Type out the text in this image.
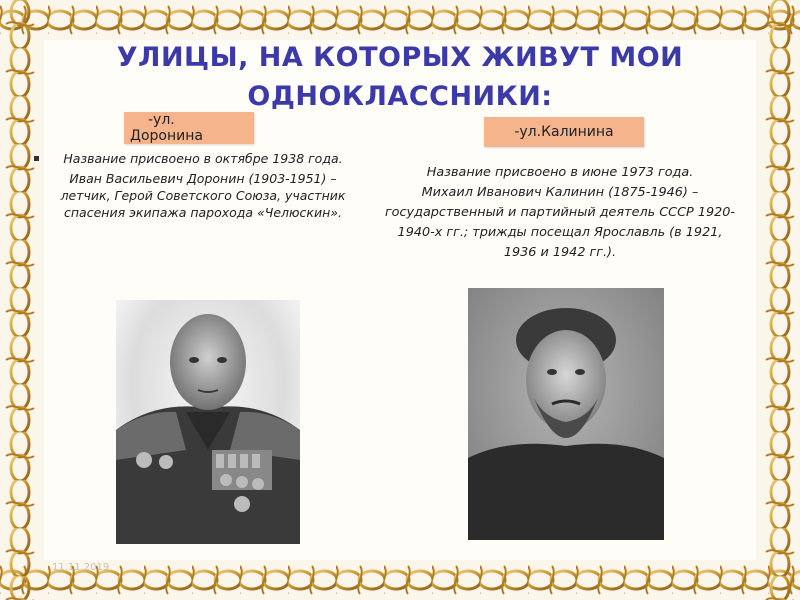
УЛИЦЫ, НА КОТОРЫХ ЖИВУТ МОИ ОДНОКЛАССНИКИ:
-ул.
Доронина

Название присвоено в октябре 1938 года.

Иван Васильевич Доронин (1903-1951) – летчик, Герой Советского Союза, участник спасения экипажа парохода «Челюскин».

-ул.Калинина

Название присвоено в июне 1973 года.

Михаил Иванович Калинин (1875-1946) – государственный и партийный деятель СССР 1920-1940-х гг.; трижды посещал Ярославль (в 1921, 1936 и 1942 гг.).

11.11.2019
